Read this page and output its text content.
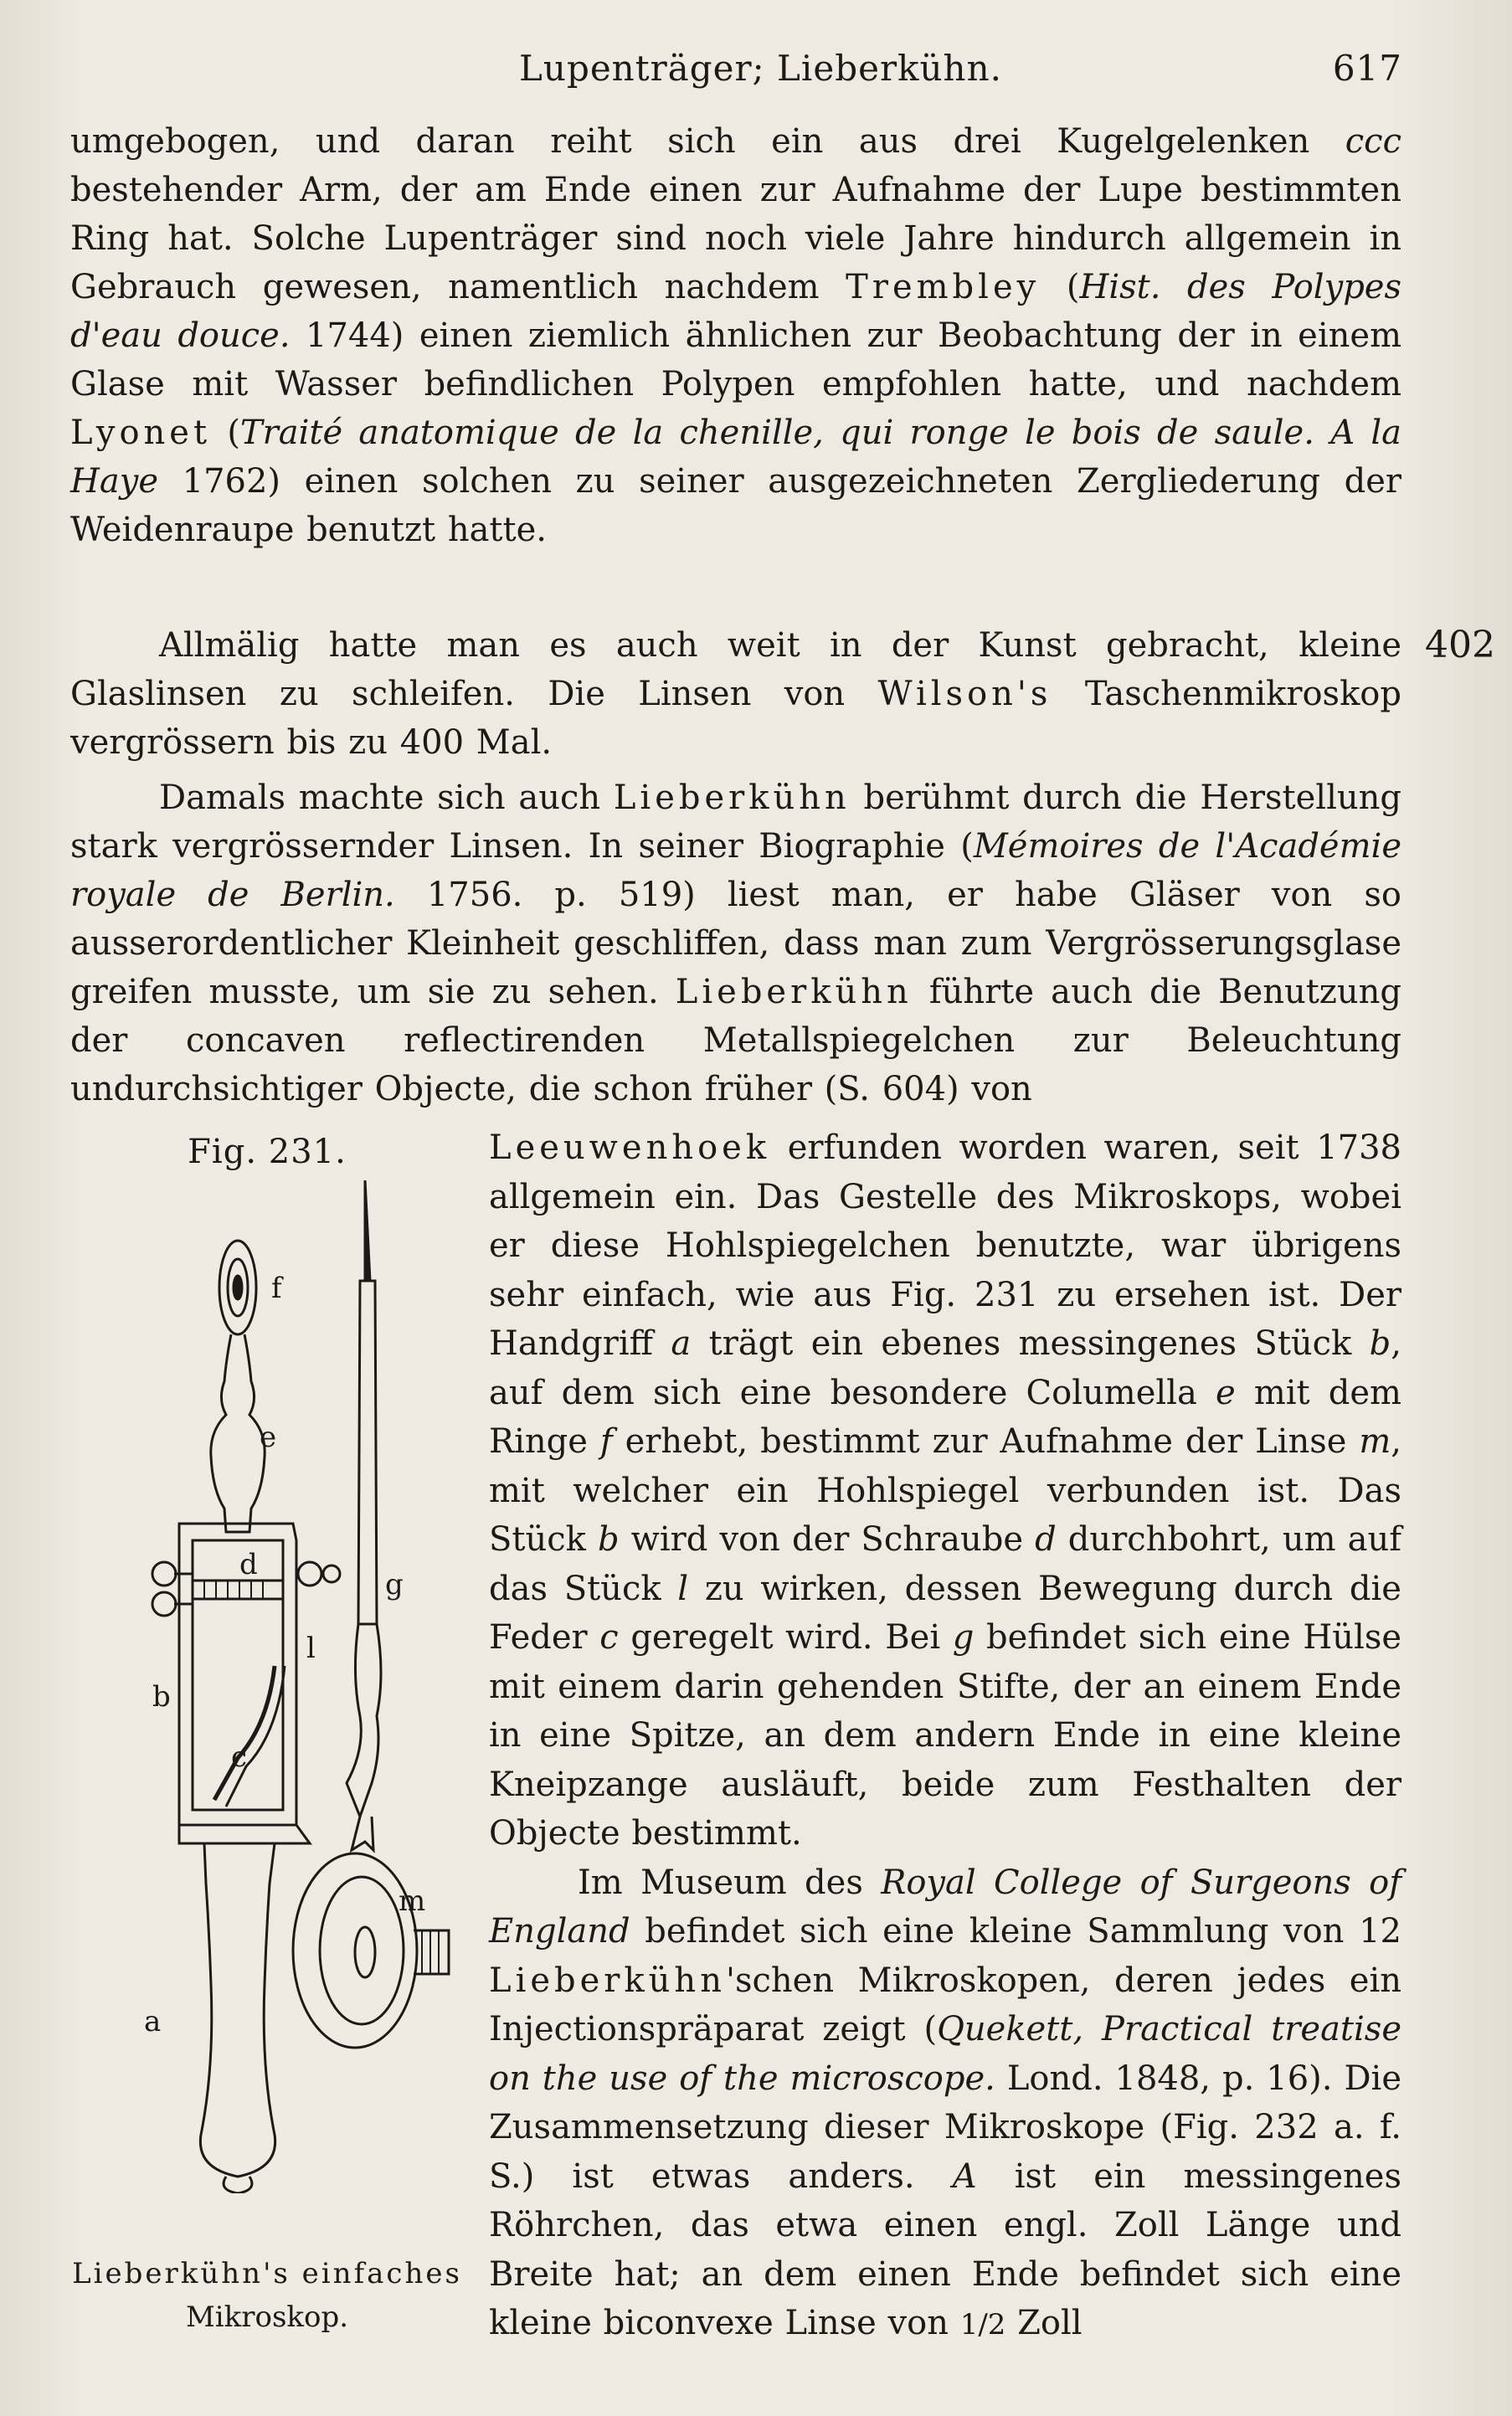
Lupenträger; Lieberkühn.	617

umgebogen, und daran reiht sich ein aus drei Kugelgelenken ccc bestehender Arm, der am Ende einen zur Aufnahme der Lupe bestimmten Ring hat. Solche Lupenträger sind noch viele Jahre hindurch allgemein in Gebrauch gewesen, namentlich nachdem Trembley (Hist. des Polypes d'eau douce. 1744) einen ziemlich ähnlichen zur Beobachtung der in einem Glase mit Wasser befindlichen Polypen empfohlen hatte, und nachdem Lyonet (Traité anatomique de la chenille, qui ronge le bois de saule. A la Haye 1762) einen solchen zu seiner ausgezeichneten Zergliederung der Weidenraupe benutzt hatte.

402

Allmälig hatte man es auch weit in der Kunst gebracht, kleine Glaslinsen zu schleifen. Die Linsen von Wilson's Taschenmikroskop vergrössern bis zu 400 Mal.

Damals machte sich auch Lieberkühn berühmt durch die Herstellung stark vergrössernder Linsen. In seiner Biographie (Mémoires de l'Académie royale de Berlin. 1756. p. 519) liest man, er habe Gläser von so ausserordentlicher Kleinheit geschliffen, dass man zum Vergrösserungsglase greifen musste, um sie zu sehen. Lieberkühn führte auch die Benutzung der concaven reflectirenden Metallspiegelchen zur Beleuchtung undurchsichtiger Objecte, die schon früher (S. 604) von

Fig. 231.
f
e
d
g
l
b
c
a
m
Lieberkühn's einfaches
Mikroskop.

Leeuwenhoek erfunden worden waren, seit 1738 allgemein ein. Das Gestelle des Mikroskops, wobei er diese Hohlspiegelchen benutzte, war übrigens sehr einfach, wie aus Fig. 231 zu ersehen ist. Der Handgriff a trägt ein ebenes messingenes Stück b, auf dem sich eine besondere Columella e mit dem Ringe f erhebt, bestimmt zur Aufnahme der Linse m, mit welcher ein Hohlspiegel verbunden ist. Das Stück b wird von der Schraube d durchbohrt, um auf das Stück l zu wirken, dessen Bewegung durch die Feder c geregelt wird. Bei g befindet sich eine Hülse mit einem darin gehenden Stifte, der an einem Ende in eine Spitze, an dem andern Ende in eine kleine Kneipzange ausläuft, beide zum Festhalten der Objecte bestimmt.

Im Museum des Royal College of Surgeons of England befindet sich eine kleine Sammlung von 12 Lieberkühn'schen Mikroskopen, deren jedes ein Injectionspräparat zeigt (Quekett, Practical treatise on the use of the microscope. Lond. 1848, p. 16). Die Zusammensetzung dieser Mikroskope (Fig. 232 a. f. S.) ist etwas anders. A ist ein messingenes Röhrchen, das etwa einen engl. Zoll Länge und Breite hat; an dem einen Ende befindet sich eine kleine biconvexe Linse von 1/2 Zoll
